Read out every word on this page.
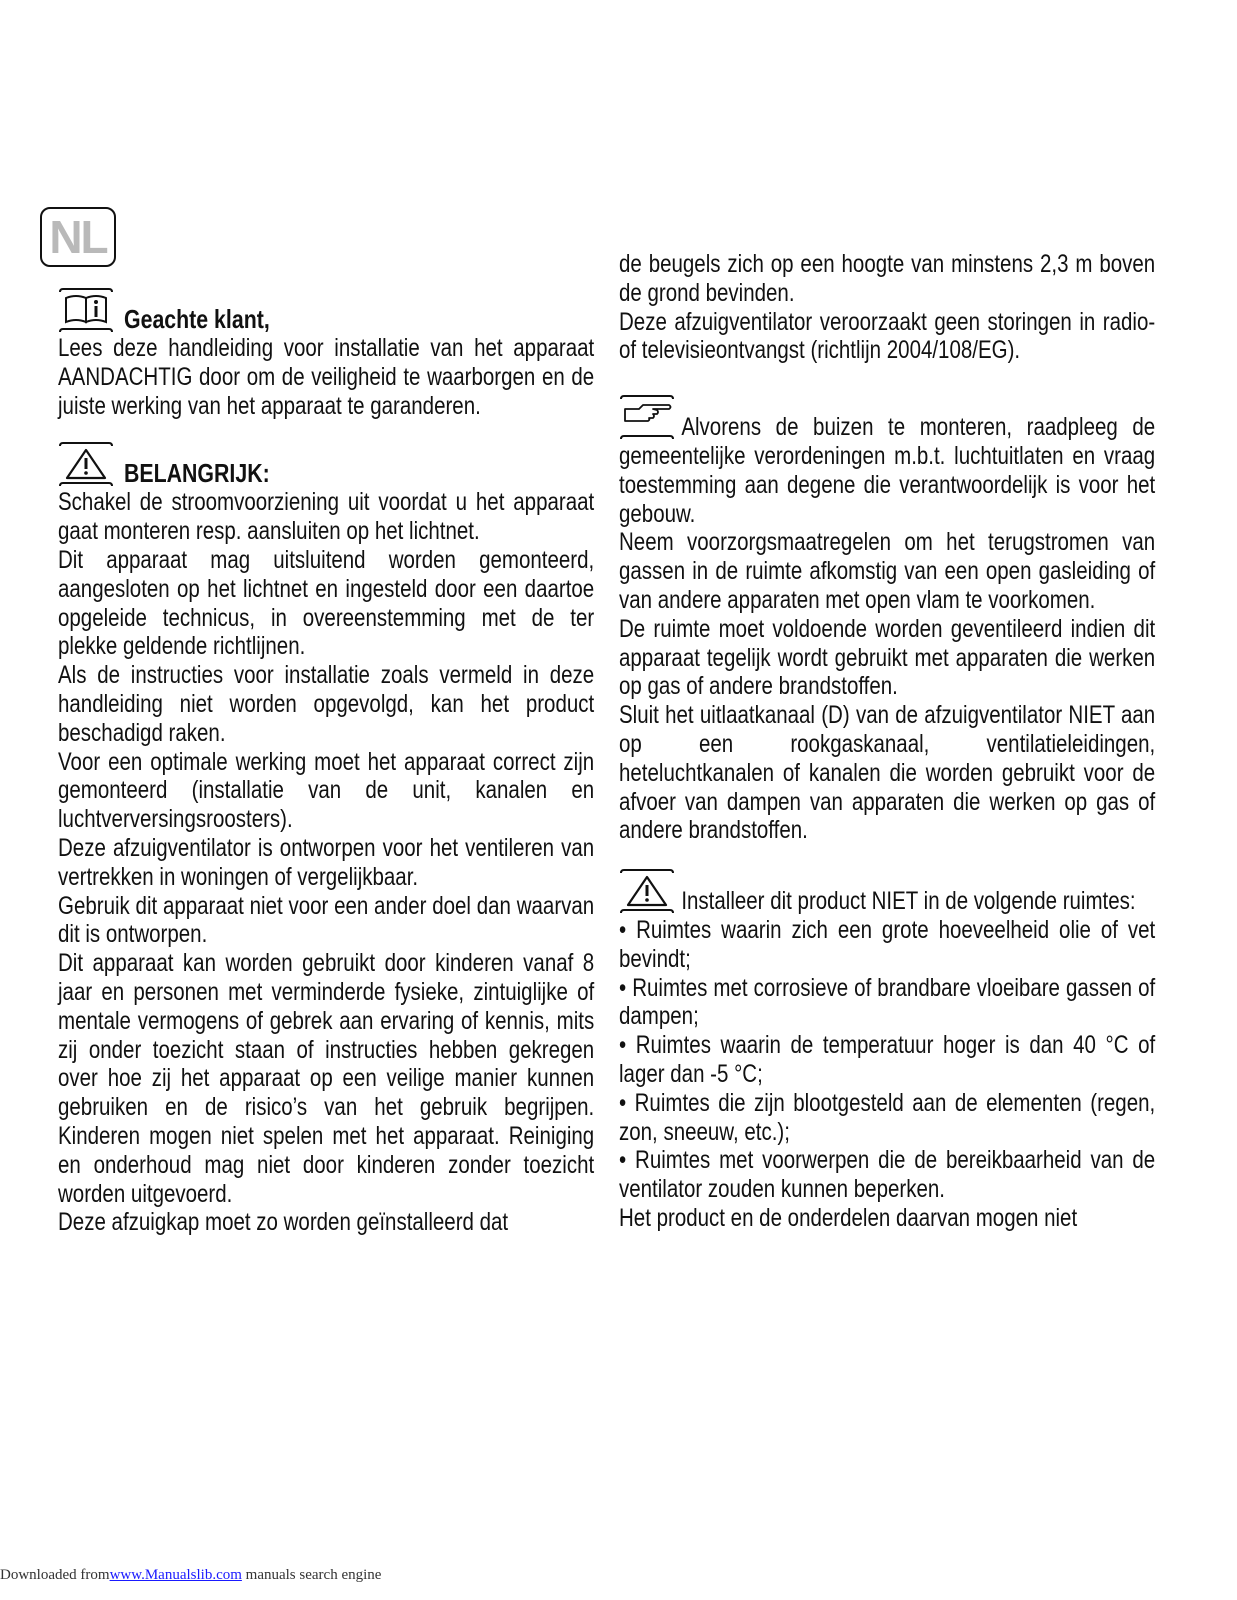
NL
Geachte klant,

Lees deze handleiding voor installatie van het apparaat AANDACHTIG door om de veiligheid te waarborgen en de juiste werking van het apparaat te garanderen.

BELANGRIJK:

Schakel de stroomvoorziening uit voordat u het apparaat gaat monteren resp. aansluiten op het lichtnet.

Dit apparaat mag uitsluitend worden gemonteerd, aangesloten op het lichtnet en ingesteld door een daartoe opgeleide technicus, in overeenstemming met de ter plekke geldende richtlijnen.

Als de instructies voor installatie zoals vermeld in deze handleiding niet worden opgevolgd, kan het product beschadigd raken.

Voor een optimale werking moet het apparaat correct zijn gemonteerd (installatie van de unit, kanalen en luchtverversingsroosters).

Deze afzuigventilator is ontworpen voor het ventileren van vertrekken in woningen of vergelijkbaar.

Gebruik dit apparaat niet voor een ander doel dan waarvan dit is ontworpen.

Dit apparaat kan worden gebruikt door kinderen vanaf 8 jaar en personen met verminderde fysieke, zintuiglijke of mentale vermogens of gebrek aan ervaring of kennis, mits zij onder toezicht staan of instructies hebben gekregen over hoe zij het apparaat op een veilige manier kunnen gebruiken en de risico’s van het gebruik begrijpen. Kinderen mogen niet spelen met het apparaat. Reiniging en onderhoud mag niet door kinderen zonder toezicht worden uitgevoerd.

Deze afzuigkap moet zo worden geïnstalleerd dat

de beugels zich op een hoogte van minstens 2,3 m boven de grond bevinden.

Deze afzuigventilator veroorzaakt geen storingen in radio- of televisieontvangst (richtlijn 2004/108/EG).

Alvorens de buizen te monteren, raadpleeg de gemeentelijke verordeningen m.b.t. luchtuitlaten en vraag toestemming aan degene die verantwoordelijk is voor het gebouw.

Neem voorzorgsmaatregelen om het terugstromen van gassen in de ruimte afkomstig van een open gasleiding of van andere apparaten met open vlam te voorkomen.

De ruimte moet voldoende worden geventileerd indien dit apparaat tegelijk wordt gebruikt met apparaten die werken op gas of andere brandstoffen.

Sluit het uitlaatkanaal (D) van de afzuigventilator NIET aan op een rookgaskanaal, ventilatieleidingen, heteluchtkanalen of kanalen die worden gebruikt voor de afvoer van dampen van apparaten die werken op gas of andere brandstoffen.

Installeer dit product NIET in de volgende ruimtes:

• Ruimtes waarin zich een grote hoeveelheid olie of vet bevindt;

• Ruimtes met corrosieve of brandbare vloeibare gassen of dampen;

• Ruimtes waarin de temperatuur hoger is dan 40 °C of lager dan -5 °C;

• Ruimtes die zijn blootgesteld aan de elementen (regen, zon, sneeuw, etc.);

• Ruimtes met voorwerpen die de bereikbaarheid van de ventilator zouden kunnen beperken.

Het product en de onderdelen daarvan mogen niet

Downloaded fromwww.Manualslib.com manuals search engine
